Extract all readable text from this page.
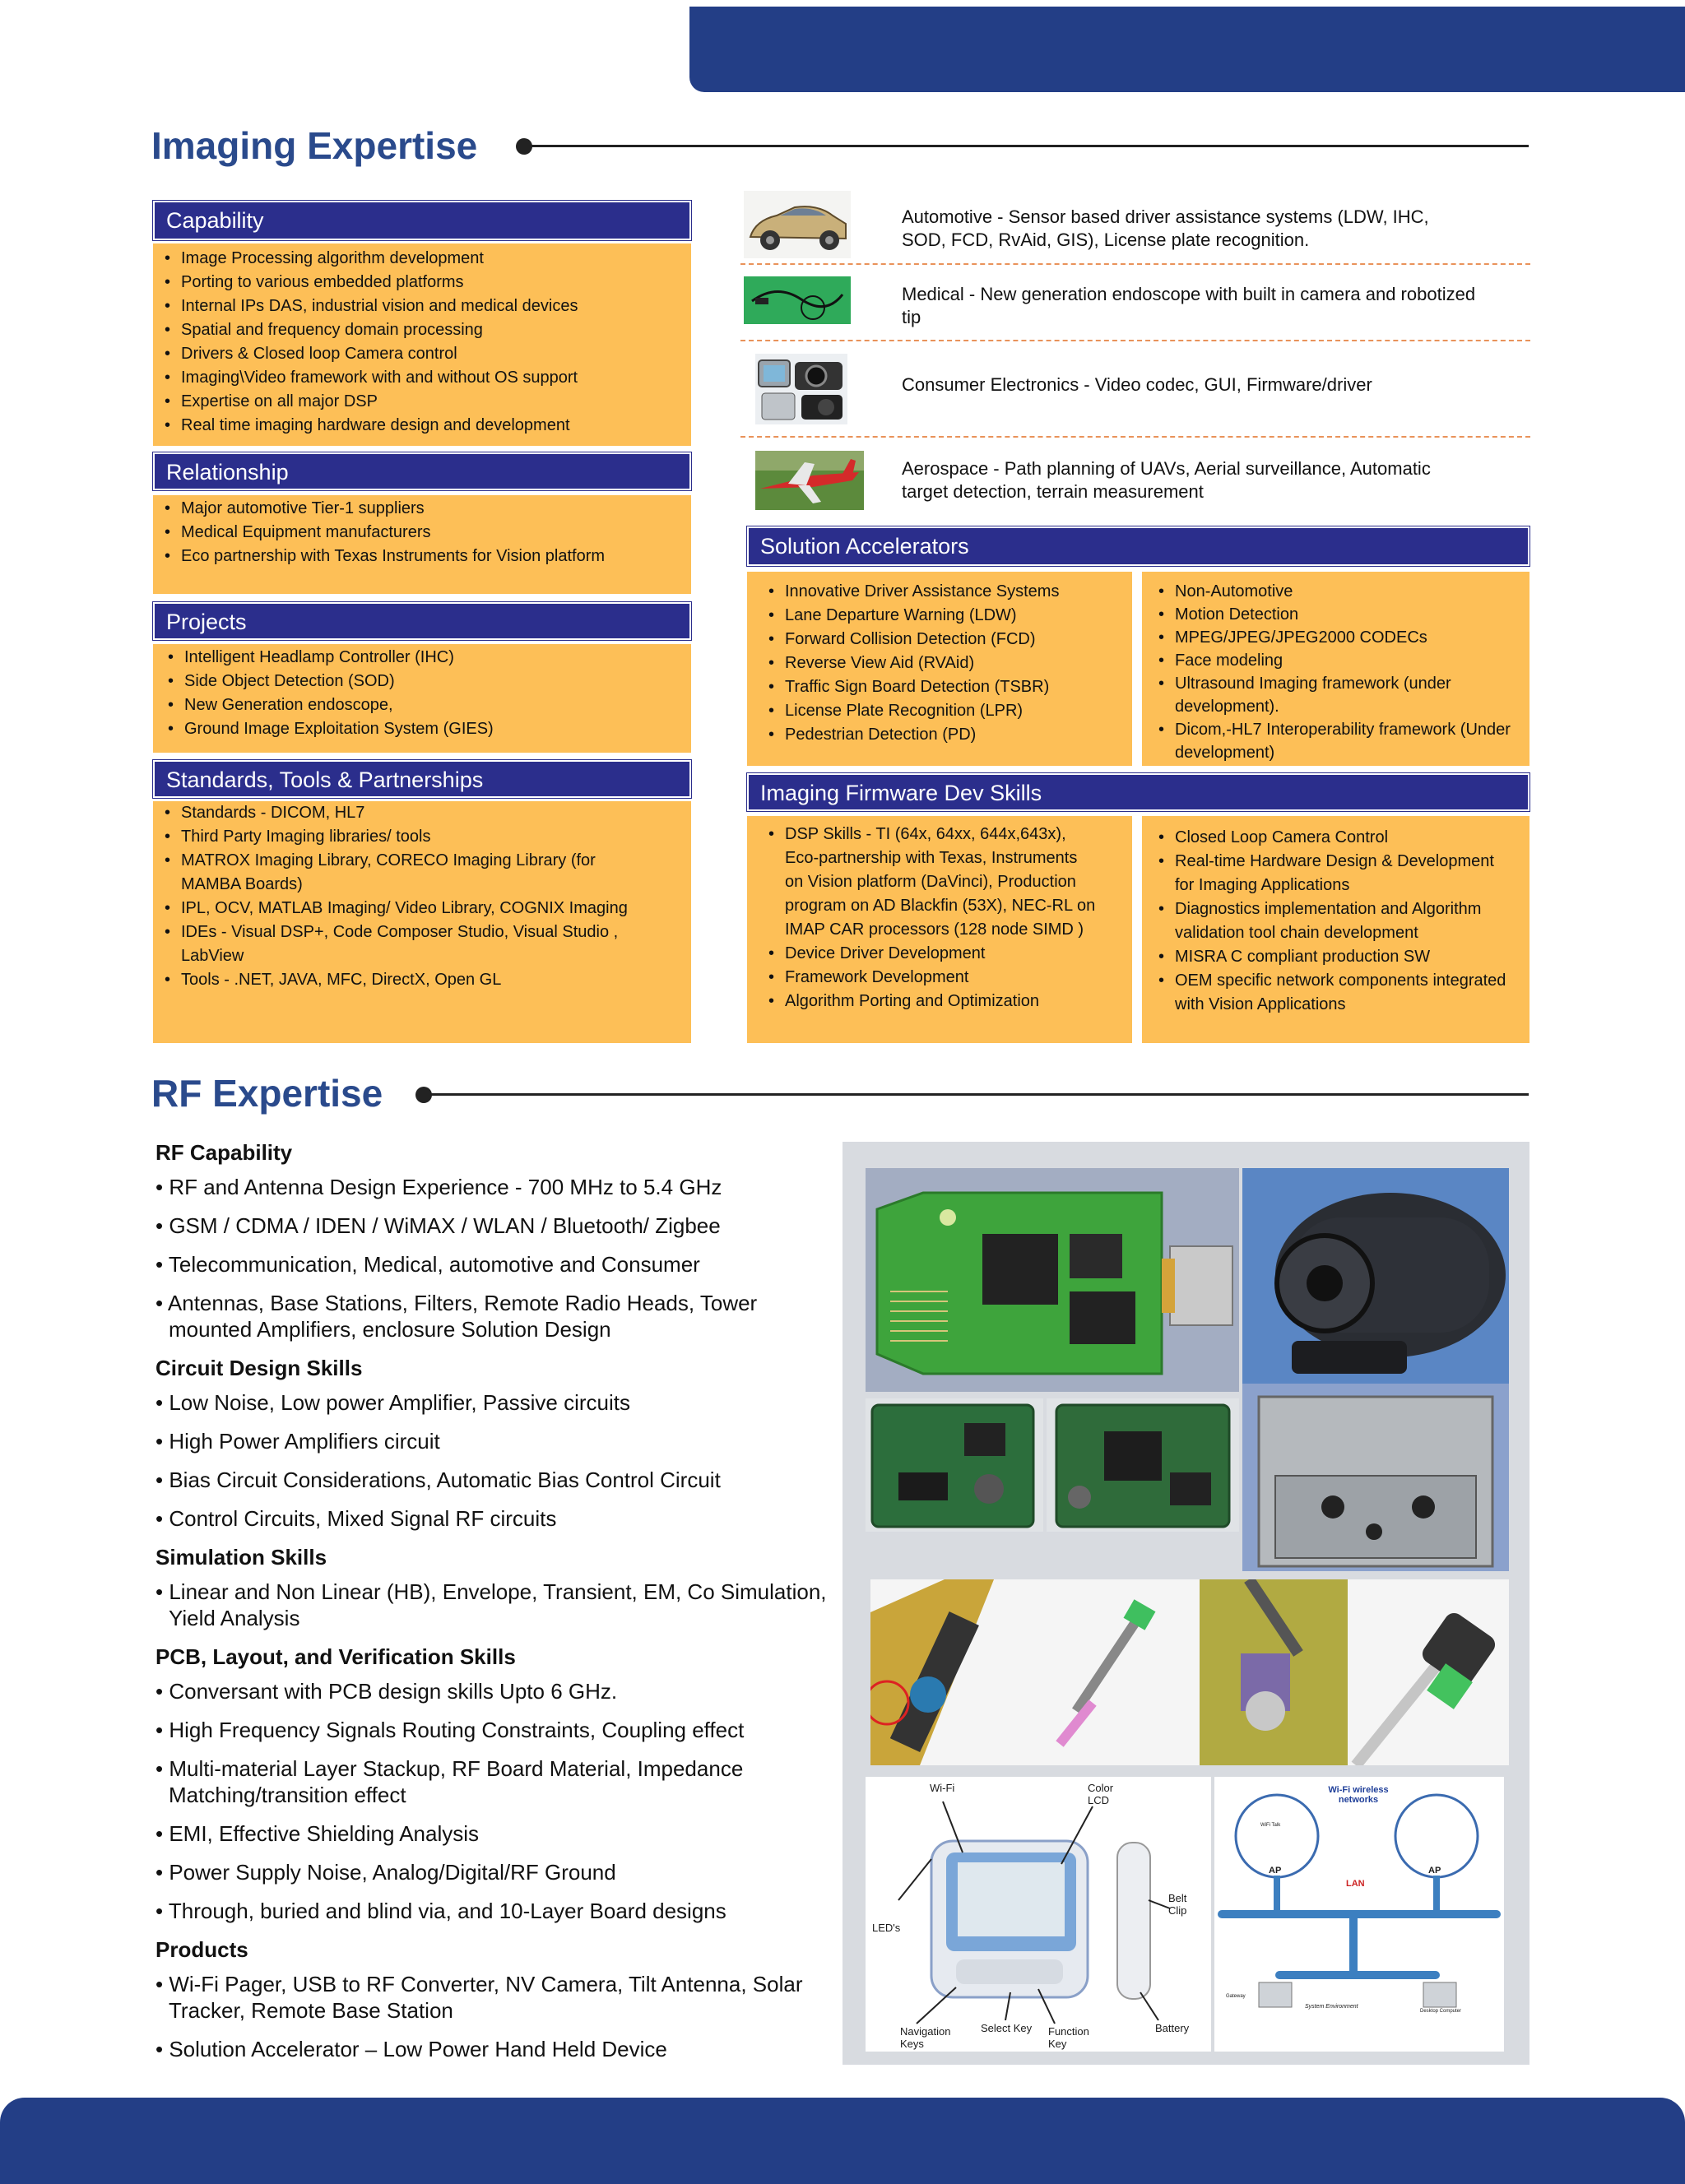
Imaging Expertise
Capability
• Image Processing algorithm development
• Porting to various embedded platforms
• Internal IPs DAS, industrial vision and medical devices
• Spatial and frequency domain processing
• Drivers & Closed loop Camera control
• Imaging\Video framework with and without OS support
• Expertise on all major DSP
• Real time imaging hardware design and development
Relationship
• Major automotive Tier-1 suppliers
• Medical Equipment manufacturers
• Eco partnership with Texas Instruments for Vision platform
Projects
• Intelligent Headlamp Controller (IHC)
• Side Object Detection (SOD)
• New Generation endoscope,
• Ground Image Exploitation System (GIES)
Standards, Tools & Partnerships
• Standards - DICOM, HL7
• Third Party Imaging libraries/ tools
• MATROX Imaging Library, CORECO Imaging Library (for MAMBA Boards)
• IPL, OCV, MATLAB Imaging/ Video Library, COGNIX Imaging
• IDEs - Visual DSP+, Code Composer Studio, Visual Studio , LabView
• Tools - .NET, JAVA, MFC, DirectX, Open GL
Automotive - Sensor based driver assistance systems (LDW, IHC, SOD, FCD, RvAid, GIS), License plate recognition.
Medical - New generation endoscope with built in camera and robotized tip
Consumer Electronics - Video codec, GUI, Firmware/driver
Aerospace - Path planning of UAVs, Aerial surveillance, Automatic target detection, terrain measurement
Solution Accelerators
• Innovative Driver Assistance Systems
• Lane Departure Warning (LDW)
• Forward Collision Detection (FCD)
• Reverse View Aid (RVAid)
• Traffic Sign Board Detection (TSBR)
• License Plate Recognition (LPR)
• Pedestrian Detection (PD)
• Non-Automotive
• Motion Detection
• MPEG/JPEG/JPEG2000 CODECs
• Face modeling
• Ultrasound Imaging framework (under development).
• Dicom,-HL7 Interoperability framework (Under development)
Imaging Firmware Dev Skills
• DSP Skills - TI (64x, 64xx, 644x,643x), Eco-partnership with Texas, Instruments on Vision platform (DaVinci), Production program on AD Blackfin (53X), NEC-RL on IMAP CAR processors (128 node SIMD )
• Device Driver Development
• Framework Development
• Algorithm Porting and Optimization
• Closed Loop Camera Control
• Real-time Hardware Design & Development for Imaging Applications
• Diagnostics implementation and Algorithm validation tool chain development
• MISRA C compliant production SW
• OEM specific network components integrated with Vision Applications
RF Expertise
RF Capability
• RF and Antenna Design Experience - 700 MHz to 5.4 GHz
• GSM / CDMA / IDEN / WiMAX / WLAN / Bluetooth/ Zigbee
• Telecommunication, Medical, automotive and Consumer
• Antennas, Base Stations, Filters, Remote Radio Heads, Tower mounted Amplifiers, enclosure Solution Design
Circuit Design Skills
• Low Noise, Low power Amplifier, Passive circuits
• High Power Amplifiers circuit
• Bias Circuit Considerations, Automatic Bias Control Circuit
• Control Circuits, Mixed Signal RF circuits
Simulation Skills
• Linear and Non Linear (HB), Envelope, Transient, EM, Co Simulation, Yield Analysis
PCB, Layout, and Verification Skills
• Conversant with PCB design skills Upto 6 GHz.
• High Frequency Signals Routing Constraints, Coupling effect
• Multi-material Layer Stackup, RF Board Material, Impedance Matching/transition effect
• EMI, Effective Shielding Analysis
• Power Supply Noise, Analog/Digital/RF Ground
• Through, buried and blind via, and 10-Layer Board designs
Products
• Wi-Fi Pager, USB to RF Converter, NV Camera, Tilt Antenna, Solar Tracker, Remote Base Station
• Solution Accelerator – Low Power Hand Held Device
Wi-Fi	Color LCD
LED's
Belt Clip
Navigation Keys
Select Key Function Key
Battery
Wi-Fi wireless networks
AP	AP
LAN
WiFi Talk
Gateway
System Environment
Desktop Computer
